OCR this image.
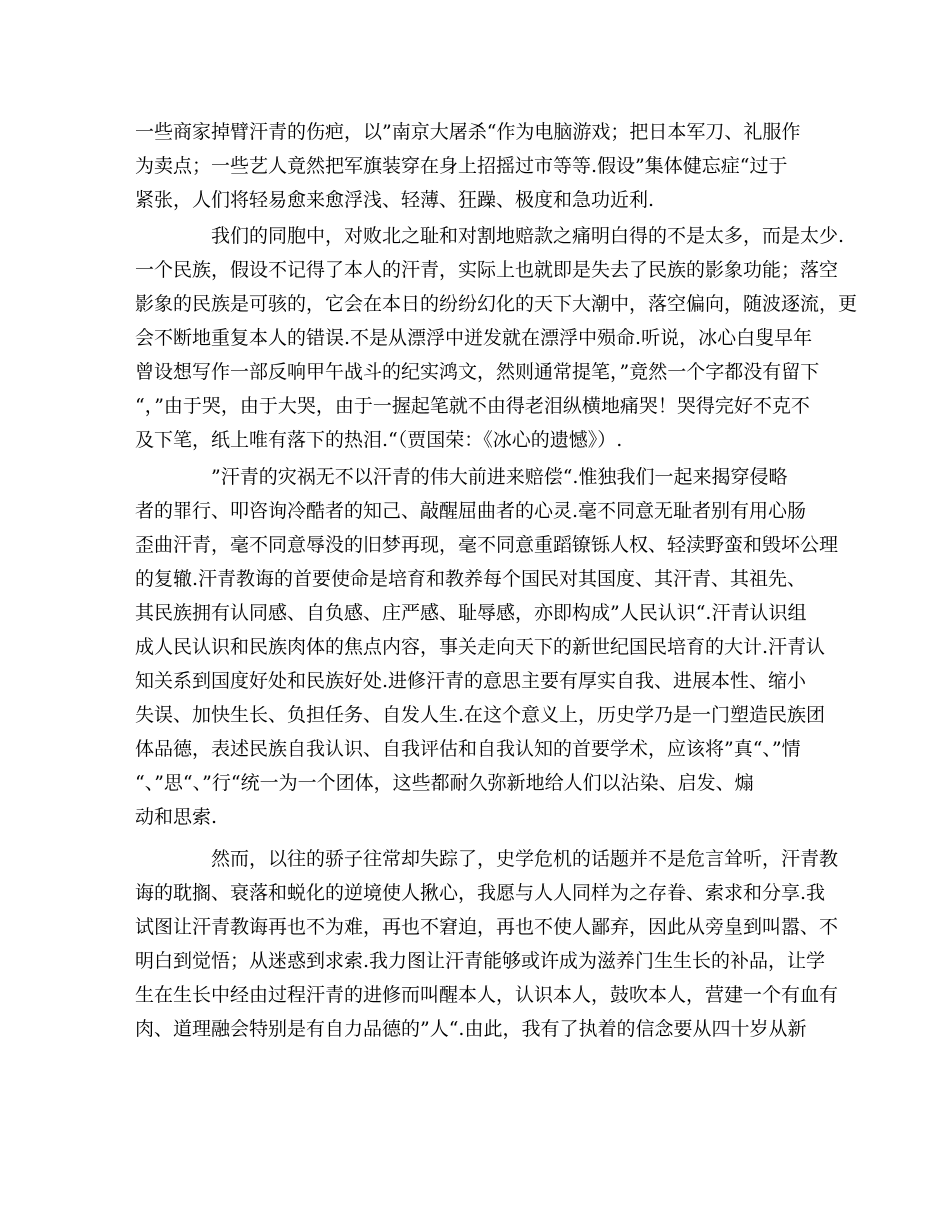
一些商家掉臂汗青的伤疤，以”南京大屠杀“作为电脑游戏；把日本军刀、礼服作
为卖点；一些艺人竟然把军旗装穿在身上招摇过市等等.假设”集体健忘症“过于
紧张，人们将轻易愈来愈浮浅、轻薄、狂躁、极度和急功近利.
我们的同胞中，对败北之耻和对割地赔款之痛明白得的不是太多，而是太少.
一个民族，假设不记得了本人的汗青，实际上也就即是失去了民族的影象功能；落空
影象的民族是可骇的，它会在本日的纷纷幻化的天下大潮中，落空偏向，随波逐流，更
会不断地重复本人的错误.不是从漂浮中迸发就在漂浮中殒命.听说，冰心白叟早年
曾设想写作一部反响甲午战斗的纪实鸿文，然则通常提笔，”竟然一个字都没有留下
“，”由于哭，由于大哭，由于一握起笔就不由得老泪纵横地痛哭！哭得完好不克不
及下笔，纸上唯有落下的热泪.“（贾国荣：《冰心的遗憾》）.
”汗青的灾祸无不以汗青的伟大前进来赔偿“.惟独我们一起来揭穿侵略
者的罪行、叩咨询冷酷者的知己、敲醒屈曲者的心灵.毫不同意无耻者别有用心肠
歪曲汗青，毫不同意辱没的旧梦再现，毫不同意重蹈镣铄人权、轻渎野蛮和毁坏公理
的复辙.汗青教诲的首要使命是培育和教养每个国民对其国度、其汗青、其祖先、
其民族拥有认同感、自负感、庄严感、耻辱感，亦即构成”人民认识“.汗青认识组
成人民认识和民族肉体的焦点内容，事关走向天下的新世纪国民培育的大计.汗青认
知关系到国度好处和民族好处.进修汗青的意思主要有厚实自我、进展本性、缩小
失误、加快生长、负担任务、自发人生.在这个意义上，历史学乃是一门塑造民族团
体品德，表述民族自我认识、自我评估和自我认知的首要学术，应该将”真“、”情
“、”思“、”行“统一为一个团体，这些都耐久弥新地给人们以沾染、启发、煽
动和思索.
然而，以往的骄子往常却失踪了，史学危机的话题并不是危言耸听，汗青教
诲的耽搁、衰落和蜕化的逆境使人揪心，我愿与人人同样为之存眷、索求和分享.我
试图让汗青教诲再也不为难，再也不窘迫，再也不使人鄙弃，因此从旁皇到叫嚣、不
明白到觉悟；从迷惑到求索.我力图让汗青能够或许成为滋养门生生长的补品，让学
生在生长中经由过程汗青的进修而叫醒本人，认识本人，鼓吹本人，营建一个有血有
肉、道理融会特别是有自力品德的”人“.由此，我有了执着的信念要从四十岁从新
